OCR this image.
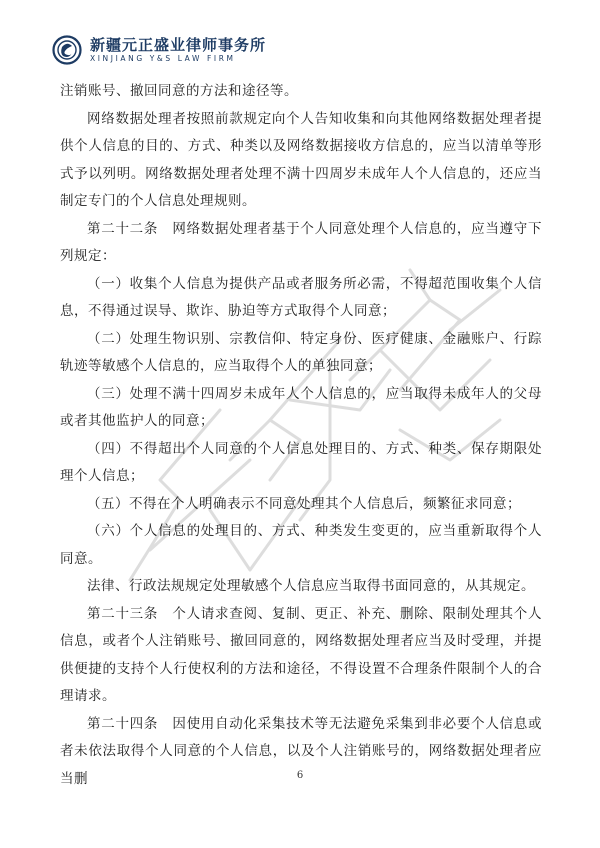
新疆元正盛业律师事务所
XINJIANG Y&S LAW FIRM

注销账号、撤回同意的方法和途径等。

网络数据处理者按照前款规定向个人告知收集和向其他网络数据处理者提供个人信息的目的、方式、种类以及网络数据接收方信息的，应当以清单等形式予以列明。网络数据处理者处理不满十四周岁未成年人个人信息的，还应当制定专门的个人信息处理规则。

第二十二条　网络数据处理者基于个人同意处理个人信息的，应当遵守下列规定：

（一）收集个人信息为提供产品或者服务所必需，不得超范围收集个人信息，不得通过误导、欺诈、胁迫等方式取得个人同意；

（二）处理生物识别、宗教信仰、特定身份、医疗健康、金融账户、行踪轨迹等敏感个人信息的，应当取得个人的单独同意；

（三）处理不满十四周岁未成年人个人信息的，应当取得未成年人的父母或者其他监护人的同意；

（四）不得超出个人同意的个人信息处理目的、方式、种类、保存期限处理个人信息；

（五）不得在个人明确表示不同意处理其个人信息后，频繁征求同意；

（六）个人信息的处理目的、方式、种类发生变更的，应当重新取得个人同意。

法律、行政法规规定处理敏感个人信息应当取得书面同意的，从其规定。

第二十三条　个人请求查阅、复制、更正、补充、删除、限制处理其个人信息，或者个人注销账号、撤回同意的，网络数据处理者应当及时受理，并提供便捷的支持个人行使权利的方法和途径，不得设置不合理条件限制个人的合理请求。

第二十四条　因使用自动化采集技术等无法避免采集到非必要个人信息或者未依法取得个人同意的个人信息，以及个人注销账号的，网络数据处理者应当删	6
